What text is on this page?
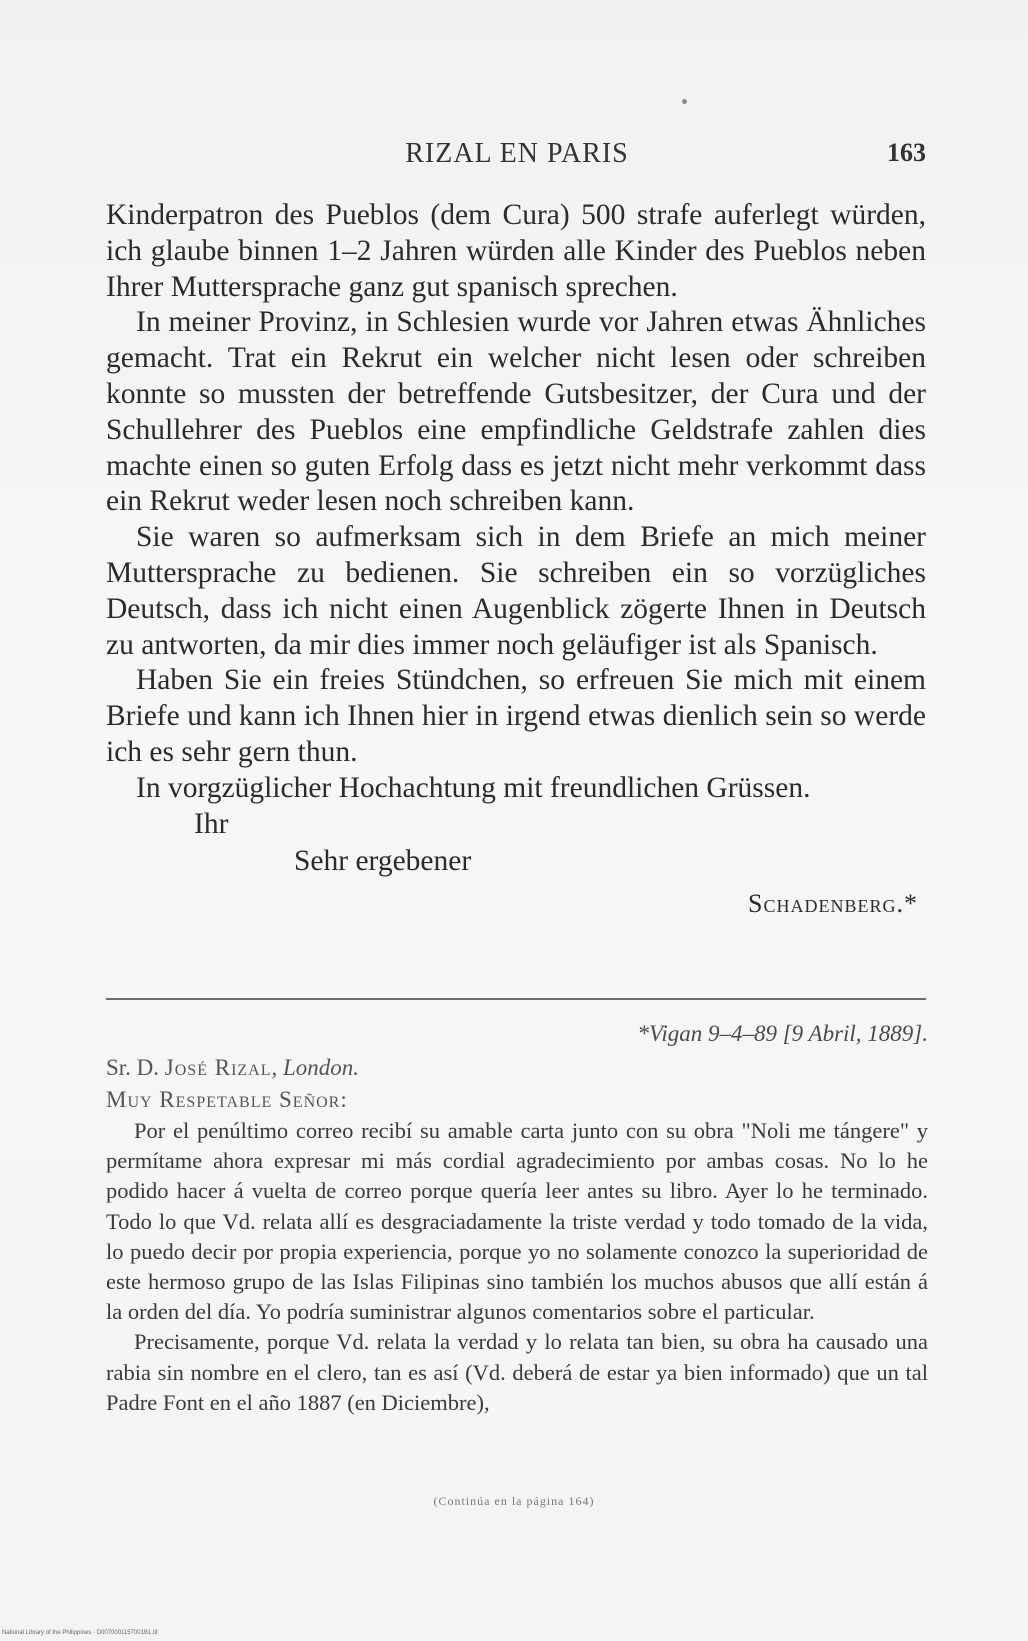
RIZAL EN PARIS	163

Kinderpatron des Pueblos (dem Cura) 500 strafe auferlegt würden, ich glaube binnen 1–2 Jahren würden alle Kinder des Pueblos neben Ihrer Muttersprache ganz gut spanisch sprechen.

In meiner Provinz, in Schlesien wurde vor Jahren etwas Ähnliches gemacht. Trat ein Rekrut ein welcher nicht lesen oder schreiben konnte so mussten der betreffende Gutsbesitzer, der Cura und der Schullehrer des Pueblos eine empfindliche Geldstrafe zahlen dies machte einen so guten Erfolg dass es jetzt nicht mehr verkommt dass ein Rekrut weder lesen noch schreiben kann.

Sie waren so aufmerksam sich in dem Briefe an mich meiner Muttersprache zu bedienen. Sie schreiben ein so vorzügliches Deutsch, dass ich nicht einen Augenblick zögerte Ihnen in Deutsch zu antworten, da mir dies immer noch geläufiger ist als Spanisch.

Haben Sie ein freies Stündchen, so erfreuen Sie mich mit einem Briefe und kann ich Ihnen hier in irgend etwas dienlich sein so werde ich es sehr gern thun.

In vorgzüglicher Hochachtung mit freundlichen Grüssen.

Ihr

Sehr ergebener

Schadenberg.*

*Vigan 9–4–89 [9 Abril, 1889].
Sr. D. José Rizal, London.
Muy Respetable Señor:

Por el penúltimo correo recibí su amable carta junto con su obra "Noli me tángere" y permítame ahora expresar mi más cordial agradecimiento por ambas cosas. No lo he podido hacer á vuelta de correo porque quería leer antes su libro. Ayer lo he terminado. Todo lo que Vd. relata allí es desgraciadamente la triste verdad y todo tomado de la vida, lo puedo decir por propia experiencia, porque yo no solamente conozco la superioridad de este hermoso grupo de las Islas Filipinas sino también los muchos abusos que allí están á la orden del día. Yo podría suministrar algunos comentarios sobre el particular.

Precisamente, porque Vd. relata la verdad y lo relata tan bien, su obra ha causado una rabia sin nombre en el clero, tan es así (Vd. deberá de estar ya bien informado) que un tal Padre Font en el año 1887 (en Diciembre),

(Continúa en la página 164)
National Library of the Philippines · D0070001157001B1.tif
